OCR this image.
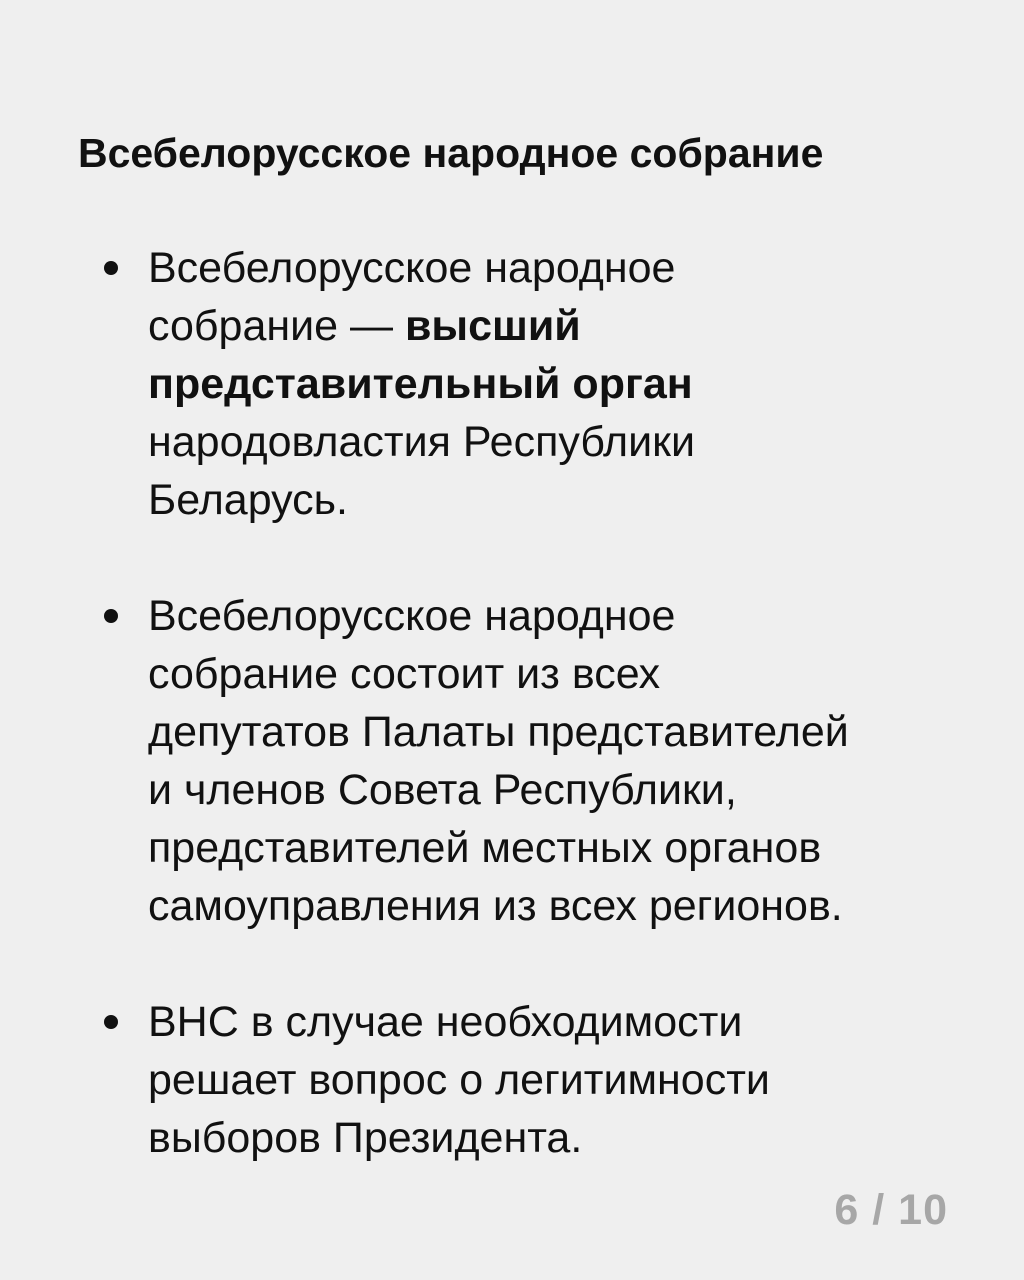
Всебелорусское народное собрание
Всебелорусское народное
собрание — высший
представительный орган
народовластия Республики
Беларусь.
Всебелорусское народное
собрание состоит из всех
депутатов Палаты представителей
и членов Совета Республики,
представителей местных органов
самоуправления из всех регионов.
ВНС в случае необходимости
решает вопрос о легитимности
выборов Президента.
6 / 10
